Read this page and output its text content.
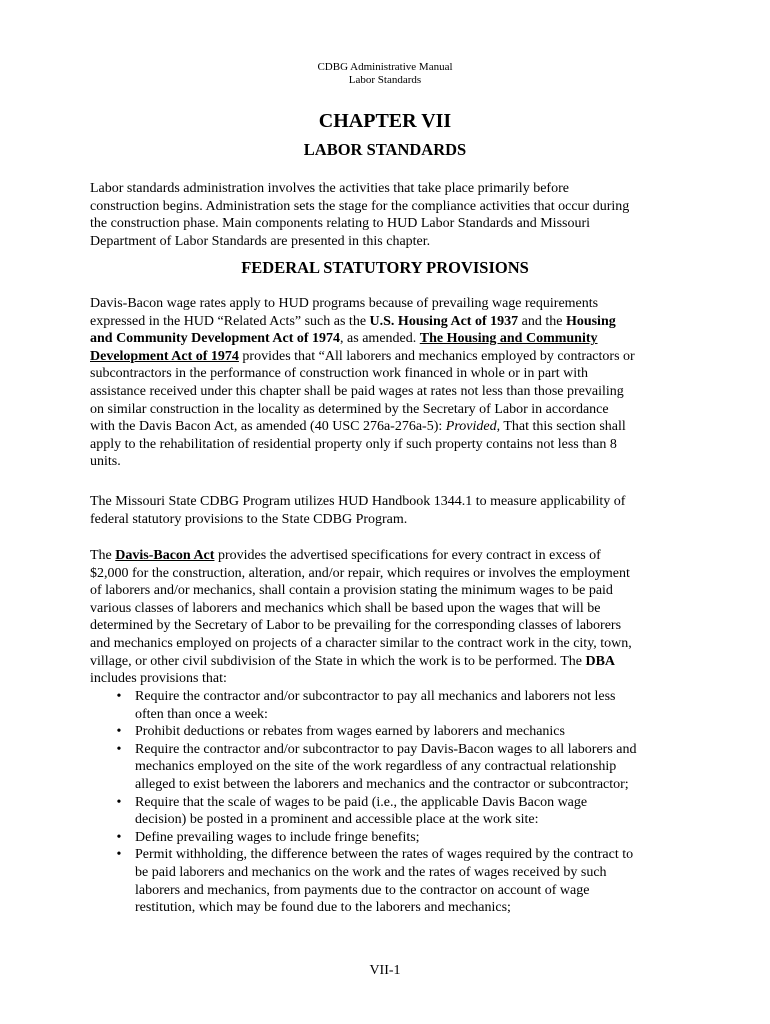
CDBG Administrative Manual
Labor Standards
CHAPTER VII
LABOR STANDARDS
Labor standards administration involves the activities that take place primarily before
construction begins. Administration sets the stage for the compliance activities that occur during
the construction phase. Main components relating to HUD Labor Standards and Missouri
Department of Labor Standards are presented in this chapter.
FEDERAL STATUTORY PROVISIONS
Davis-Bacon wage rates apply to HUD programs because of prevailing wage requirements
expressed in the HUD “Related Acts” such as the U.S. Housing Act of 1937 and the Housing
and Community Development Act of 1974, as amended. The Housing and Community
Development Act of 1974 provides that “All laborers and mechanics employed by contractors or
subcontractors in the performance of construction work financed in whole or in part with
assistance received under this chapter shall be paid wages at rates not less than those prevailing
on similar construction in the locality as determined by the Secretary of Labor in accordance
with the Davis Bacon Act, as amended (40 USC 276a-276a-5): Provided, That this section shall
apply to the rehabilitation of residential property only if such property contains not less than 8
units.
The Missouri State CDBG Program utilizes HUD Handbook 1344.1 to measure applicability of
federal statutory provisions to the State CDBG Program.
The Davis-Bacon Act provides the advertised specifications for every contract in excess of
$2,000 for the construction, alteration, and/or repair, which requires or involves the employment
of laborers and/or mechanics, shall contain a provision stating the minimum wages to be paid
various classes of laborers and mechanics which shall be based upon the wages that will be
determined by the Secretary of Labor to be prevailing for the corresponding classes of laborers
and mechanics employed on projects of a character similar to the contract work in the city, town,
village, or other civil subdivision of the State in which the work is to be performed. The DBA
includes provisions that:
• Require the contractor and/or subcontractor to pay all mechanics and laborers not less
often than once a week:
• Prohibit deductions or rebates from wages earned by laborers and mechanics
• Require the contractor and/or subcontractor to pay Davis-Bacon wages to all laborers and
mechanics employed on the site of the work regardless of any contractual relationship
alleged to exist between the laborers and mechanics and the contractor or subcontractor;
• Require that the scale of wages to be paid (i.e., the applicable Davis Bacon wage
decision) be posted in a prominent and accessible place at the work site:
• Define prevailing wages to include fringe benefits;
• Permit withholding, the difference between the rates of wages required by the contract to
be paid laborers and mechanics on the work and the rates of wages received by such
laborers and mechanics, from payments due to the contractor on account of wage
restitution, which may be found due to the laborers and mechanics;
VII-1
